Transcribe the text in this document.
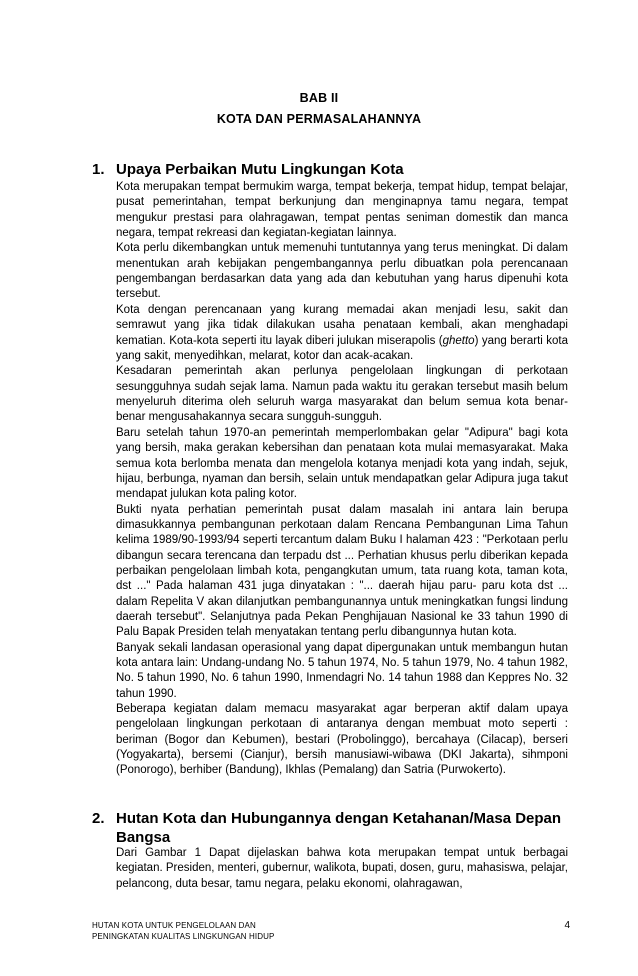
BAB II
KOTA DAN PERMASALAHANNYA
1. Upaya Perbaikan Mutu Lingkungan Kota

Kota merupakan tempat bermukim warga, tempat bekerja, tempat hidup, tempat belajar, pusat pemerintahan, tempat berkunjung dan menginapnya tamu negara, tempat mengukur prestasi para olahragawan, tempat pentas seniman domestik dan manca negara, tempat rekreasi dan kegiatan-kegiatan lainnya.

Kota perlu dikembangkan untuk memenuhi tuntutannya yang terus meningkat. Di dalam menentukan arah kebijakan pengembangannya perlu dibuatkan pola perencanaan pengembangan berdasarkan data yang ada dan kebutuhan yang harus dipenuhi kota tersebut.

Kota dengan perencanaan yang kurang memadai akan menjadi lesu, sakit dan semrawut yang jika tidak dilakukan usaha penataan kembali, akan menghadapi kematian. Kota-kota seperti itu layak diberi julukan miserapolis (ghetto) yang berarti kota yang sakit, menyedihkan, melarat, kotor dan acak-acakan.

Kesadaran pemerintah akan perlunya pengelolaan lingkungan di perkotaan sesungguhnya sudah sejak lama. Namun pada waktu itu gerakan tersebut masih belum menyeluruh diterima oleh seluruh warga masyarakat dan belum semua kota benar-benar mengusahakannya secara sungguh-sungguh.

Baru setelah tahun 1970-an pemerintah memperlombakan gelar "Adipura" bagi kota yang bersih, maka gerakan kebersihan dan penataan kota mulai memasyarakat. Maka semua kota berlomba menata dan mengelola kotanya menjadi kota yang indah, sejuk, hijau, berbunga, nyaman dan bersih, selain untuk mendapatkan gelar Adipura juga takut mendapat julukan kota paling kotor.

Bukti nyata perhatian pemerintah pusat dalam masalah ini antara lain berupa dimasukkannya pembangunan perkotaan dalam Rencana Pembangunan Lima Tahun kelima 1989/90-1993/94 seperti tercantum dalam Buku I halaman 423 : "Perkotaan perlu dibangun secara terencana dan terpadu dst ... Perhatian khusus perlu diberikan kepada perbaikan pengelolaan limbah kota, pengangkutan umum, tata ruang kota, taman kota, dst ..." Pada halaman 431 juga dinyatakan : "... daerah hijau paru- paru kota dst ... dalam Repelita V akan dilanjutkan pembangunannya untuk meningkatkan fungsi lindung daerah tersebut". Selanjutnya pada Pekan Penghijauan Nasional ke 33 tahun 1990 di Palu Bapak Presiden telah menyatakan tentang perlu dibangunnya hutan kota.

Banyak sekali landasan operasional yang dapat dipergunakan untuk membangun hutan kota antara lain: Undang-undang No. 5 tahun 1974, No. 5 tahun 1979, No. 4 tahun 1982, No. 5 tahun 1990, No. 6 tahun 1990, Inmendagri No. 14 tahun 1988 dan Keppres No. 32 tahun 1990.

Beberapa kegiatan dalam memacu masyarakat agar berperan aktif dalam upaya pengelolaan lingkungan perkotaan di antaranya dengan membuat moto seperti : beriman (Bogor dan Kebumen), bestari (Probolinggo), bercahaya (Cilacap), berseri (Yogyakarta), bersemi (Cianjur), bersih manusiawi-wibawa (DKI Jakarta), sihmponi (Ponorogo), berhiber (Bandung), Ikhlas (Pemalang) dan Satria (Purwokerto).

2. Hutan Kota dan Hubungannya dengan Ketahanan/Masa Depan Bangsa

Dari Gambar 1 Dapat dijelaskan bahwa kota merupakan tempat untuk berbagai kegiatan. Presiden, menteri, gubernur, walikota, bupati, dosen, guru, mahasiswa, pelajar, pelancong, duta besar, tamu negara, pelaku ekonomi, olahragawan,

HUTAN KOTA UNTUK PENGELOLAAN DAN
PENINGKATAN KUALITAS LINGKUNGAN HIDUP
4
